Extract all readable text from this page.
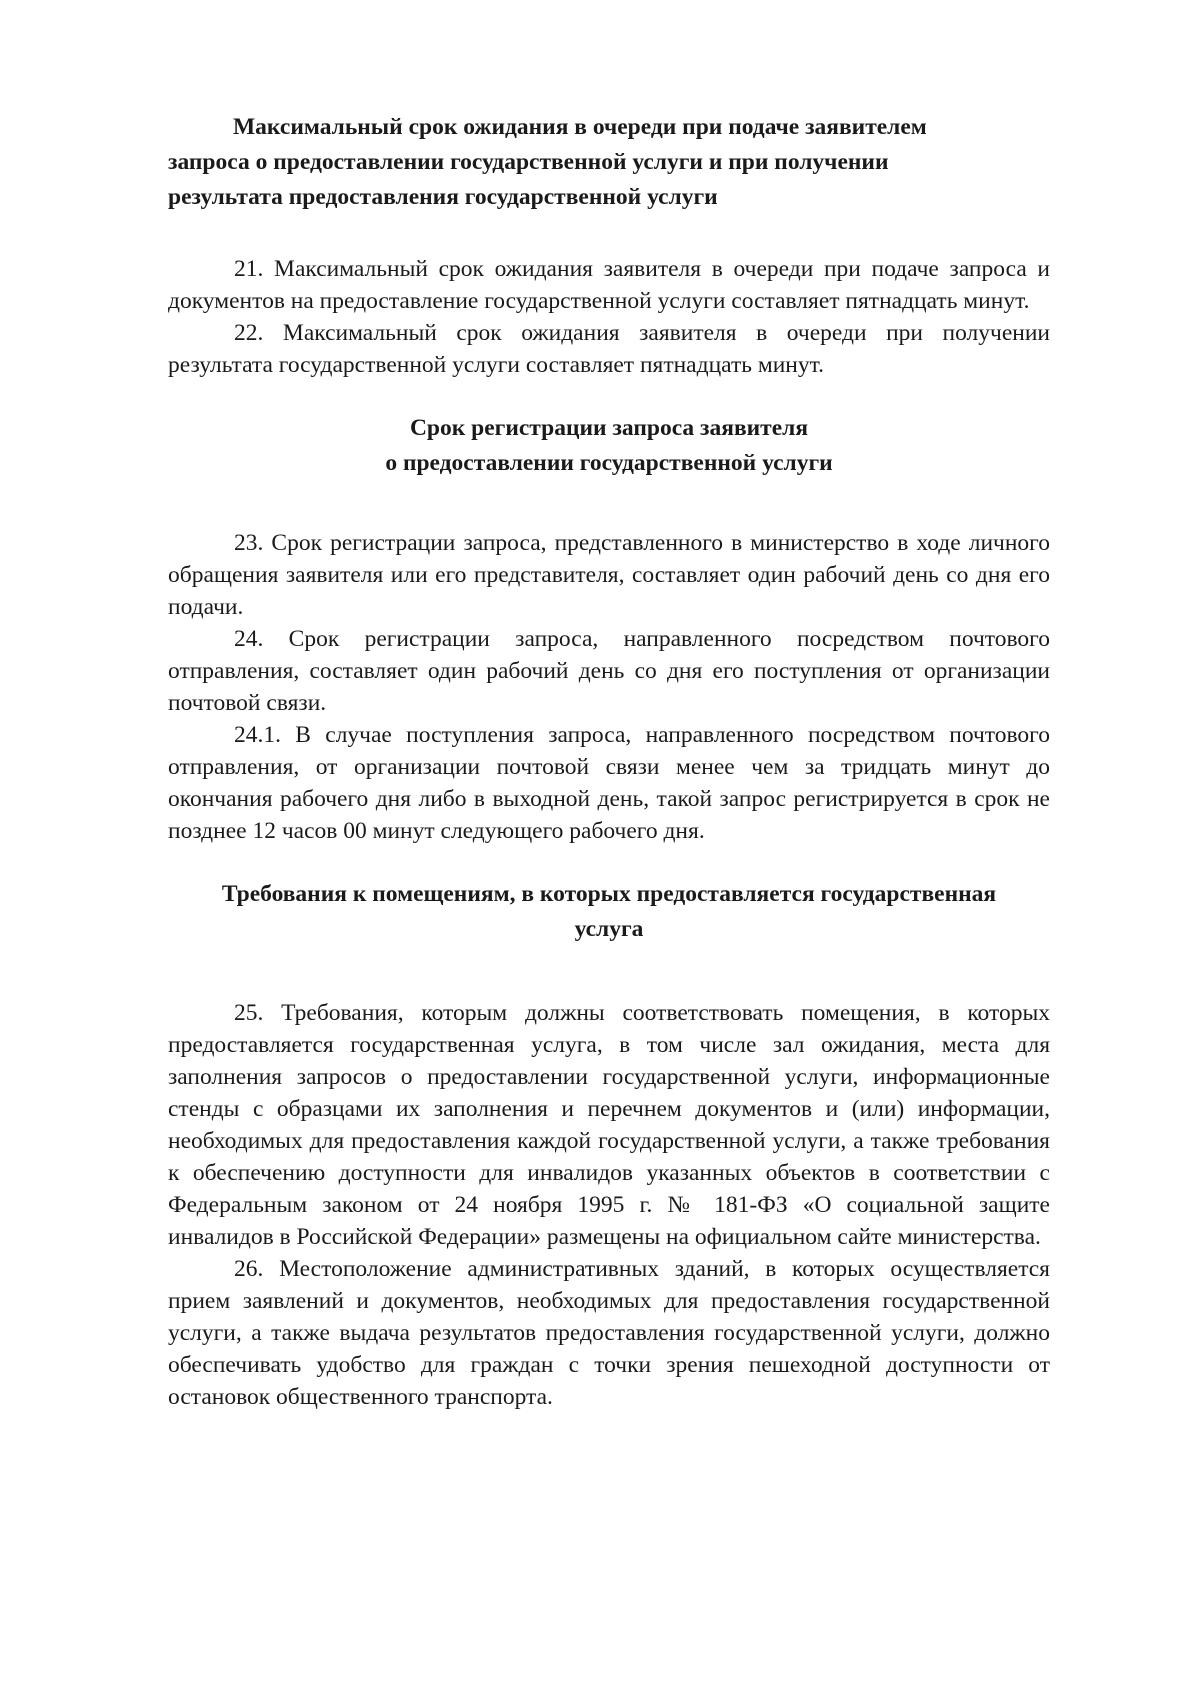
Максимальный срок ожидания в очереди при подаче заявителем
запроса о предоставлении государственной услуги и при получении
результата предоставления государственной услуги

21. Максимальный срок ожидания заявителя в очереди при подаче запроса и документов на предоставление государственной услуги составляет пятнадцать минут.

22. Максимальный срок ожидания заявителя в очереди при получении результата государственной услуги составляет пятнадцать минут.

Срок регистрации запроса заявителя
о предоставлении государственной услуги

23. Срок регистрации запроса, представленного в министерство в ходе личного обращения заявителя или его представителя, составляет один рабочий день со дня его подачи.

24. Срок регистрации запроса, направленного посредством почтового отправления, составляет один рабочий день со дня его поступления от организации почтовой связи.

24.1. В случае поступления запроса, направленного посредством почтового отправления, от организации почтовой связи менее чем за тридцать минут до окончания рабочего дня либо в выходной день, такой запрос регистрируется в срок не позднее 12 часов 00 минут следующего рабочего дня.

Требования к помещениям, в которых предоставляется государственная
услуга

25. Требования, которым должны соответствовать помещения, в которых предоставляется государственная услуга, в том числе зал ожидания, места для заполнения запросов о предоставлении государственной услуги, информационные стенды с образцами их заполнения и перечнем документов и (или) информации, необходимых для предоставления каждой государственной услуги, а также требования к обеспечению доступности для инвалидов указанных объектов в соответствии с Федеральным законом от 24 ноября 1995 г. № 181-ФЗ «О социальной защите инвалидов в Российской Федерации» размещены на официальном сайте министерства.

26. Местоположение административных зданий, в которых осуществляется прием заявлений и документов, необходимых для предоставления государственной услуги, а также выдача результатов предоставления государственной услуги, должно обеспечивать удобство для граждан с точки зрения пешеходной доступности от остановок общественного транспорта.
